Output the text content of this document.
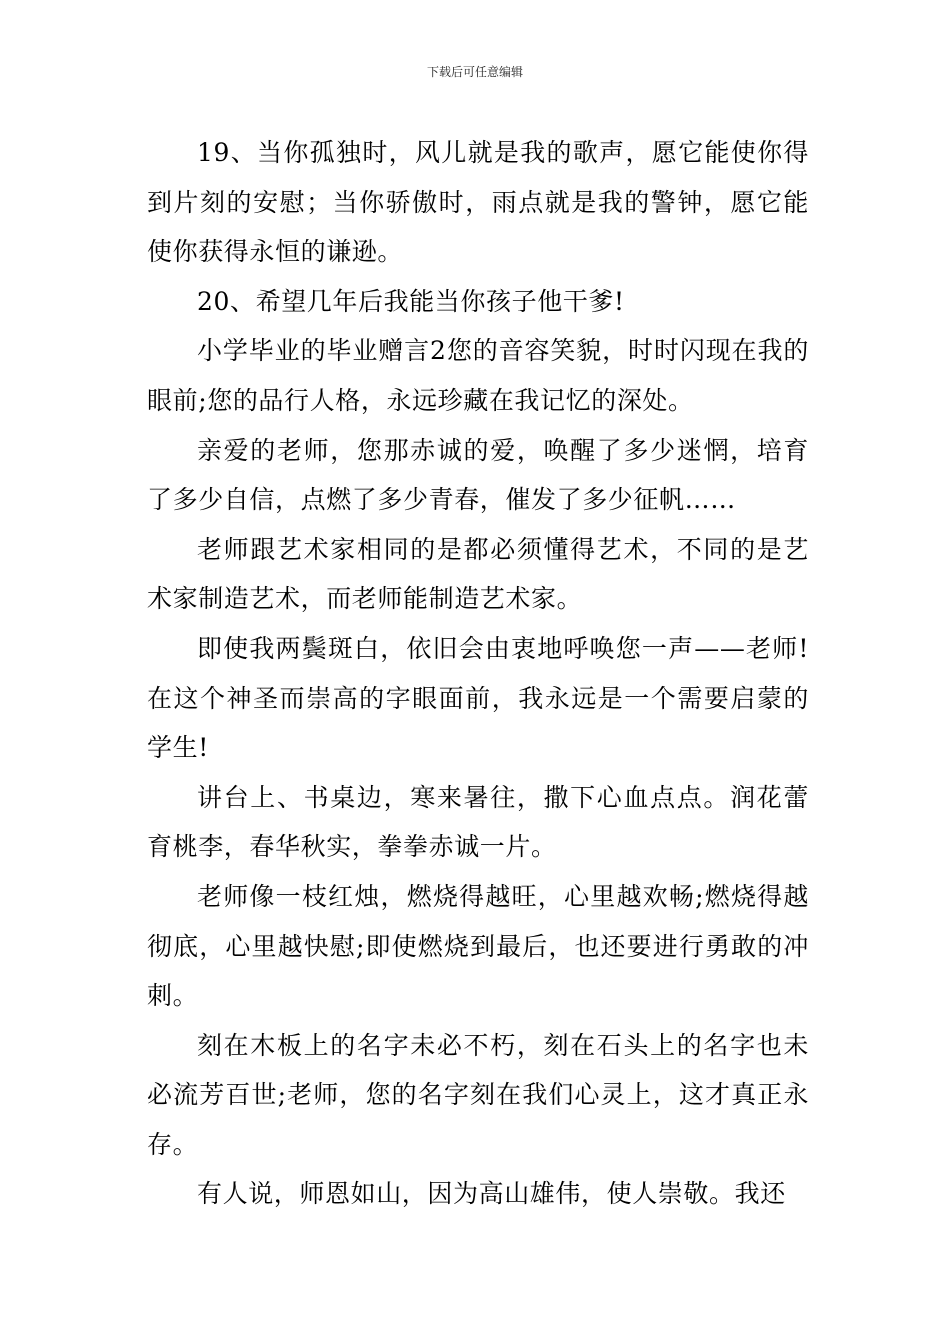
下载后可任意编辑

19、当你孤独时，风儿就是我的歌声，愿它能使你得到片刻的安慰；当你骄傲时，雨点就是我的警钟，愿它能使你获得永恒的谦逊。

20、希望几年后我能当你孩子他干爹!

小学毕业的毕业赠言2您的音容笑貌，时时闪现在我的眼前;您的品行人格，永远珍藏在我记忆的深处。

亲爱的老师，您那赤诚的爱，唤醒了多少迷惘，培育了多少自信，点燃了多少青春，催发了多少征帆……

老师跟艺术家相同的是都必须懂得艺术，不同的是艺术家制造艺术，而老师能制造艺术家。

即使我两鬓斑白，依旧会由衷地呼唤您一声——老师!在这个神圣而崇高的字眼面前，我永远是一个需要启蒙的学生!

讲台上、书桌边，寒来暑往，撒下心血点点。润花蕾育桃李，春华秋实，拳拳赤诚一片。

老师像一枝红烛，燃烧得越旺，心里越欢畅;燃烧得越彻底，心里越快慰;即使燃烧到最后，也还要进行勇敢的冲刺。

刻在木板上的名字未必不朽，刻在石头上的名字也未必流芳百世;老师，您的名字刻在我们心灵上，这才真正永存。

有人说，师恩如山，因为高山雄伟，使人崇敬。我还
